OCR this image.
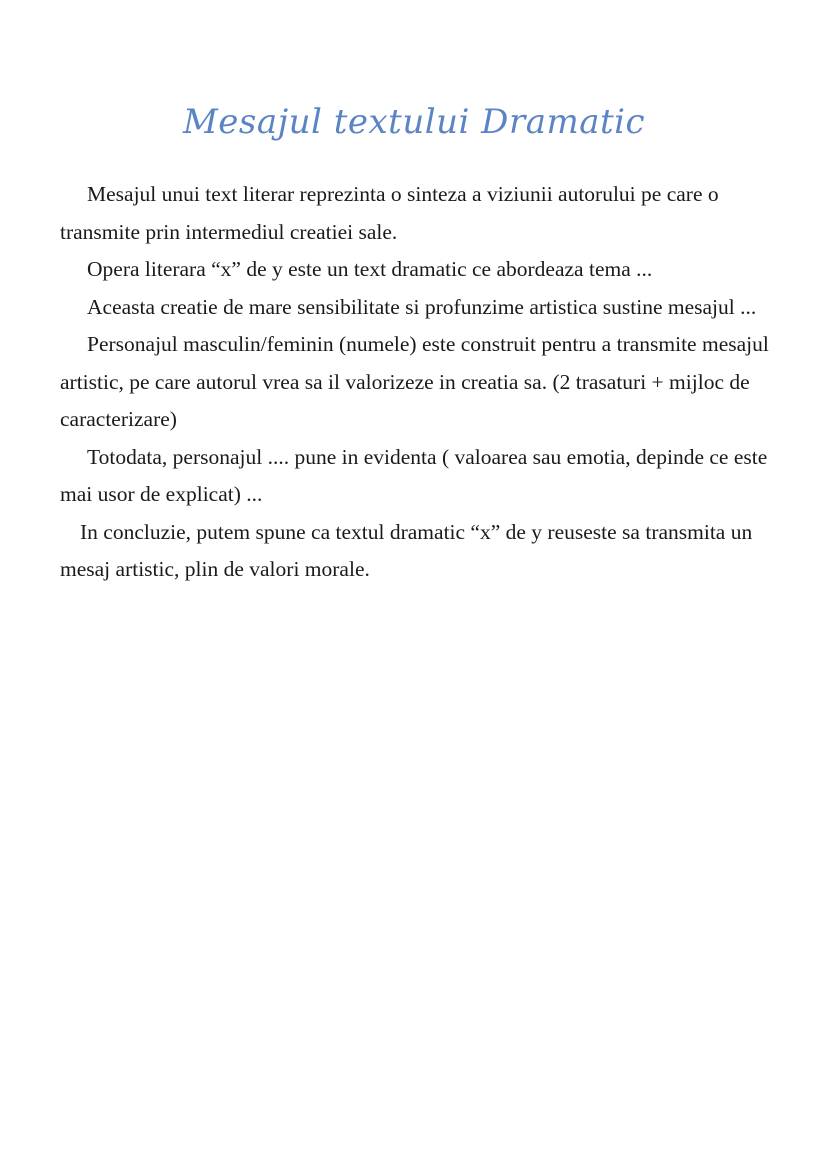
Mesajul textului Dramatic

Mesajul unui text literar reprezinta o sinteza a viziunii autorului pe care o transmite prin intermediul creatiei sale.

Opera literara “x” de y este un text dramatic ce abordeaza tema ...

Aceasta creatie de mare sensibilitate si profunzime artistica sustine mesajul ...

Personajul masculin/feminin (numele) este construit pentru a transmite mesajul artistic, pe care autorul vrea sa il valorizeze in creatia sa. (2 trasaturi + mijloc de caracterizare)

Totodata, personajul .... pune in evidenta ( valoarea sau emotia, depinde ce este mai usor de explicat) ...

In concluzie, putem spune ca textul dramatic “x” de y reuseste sa transmita un mesaj artistic, plin de valori morale.
